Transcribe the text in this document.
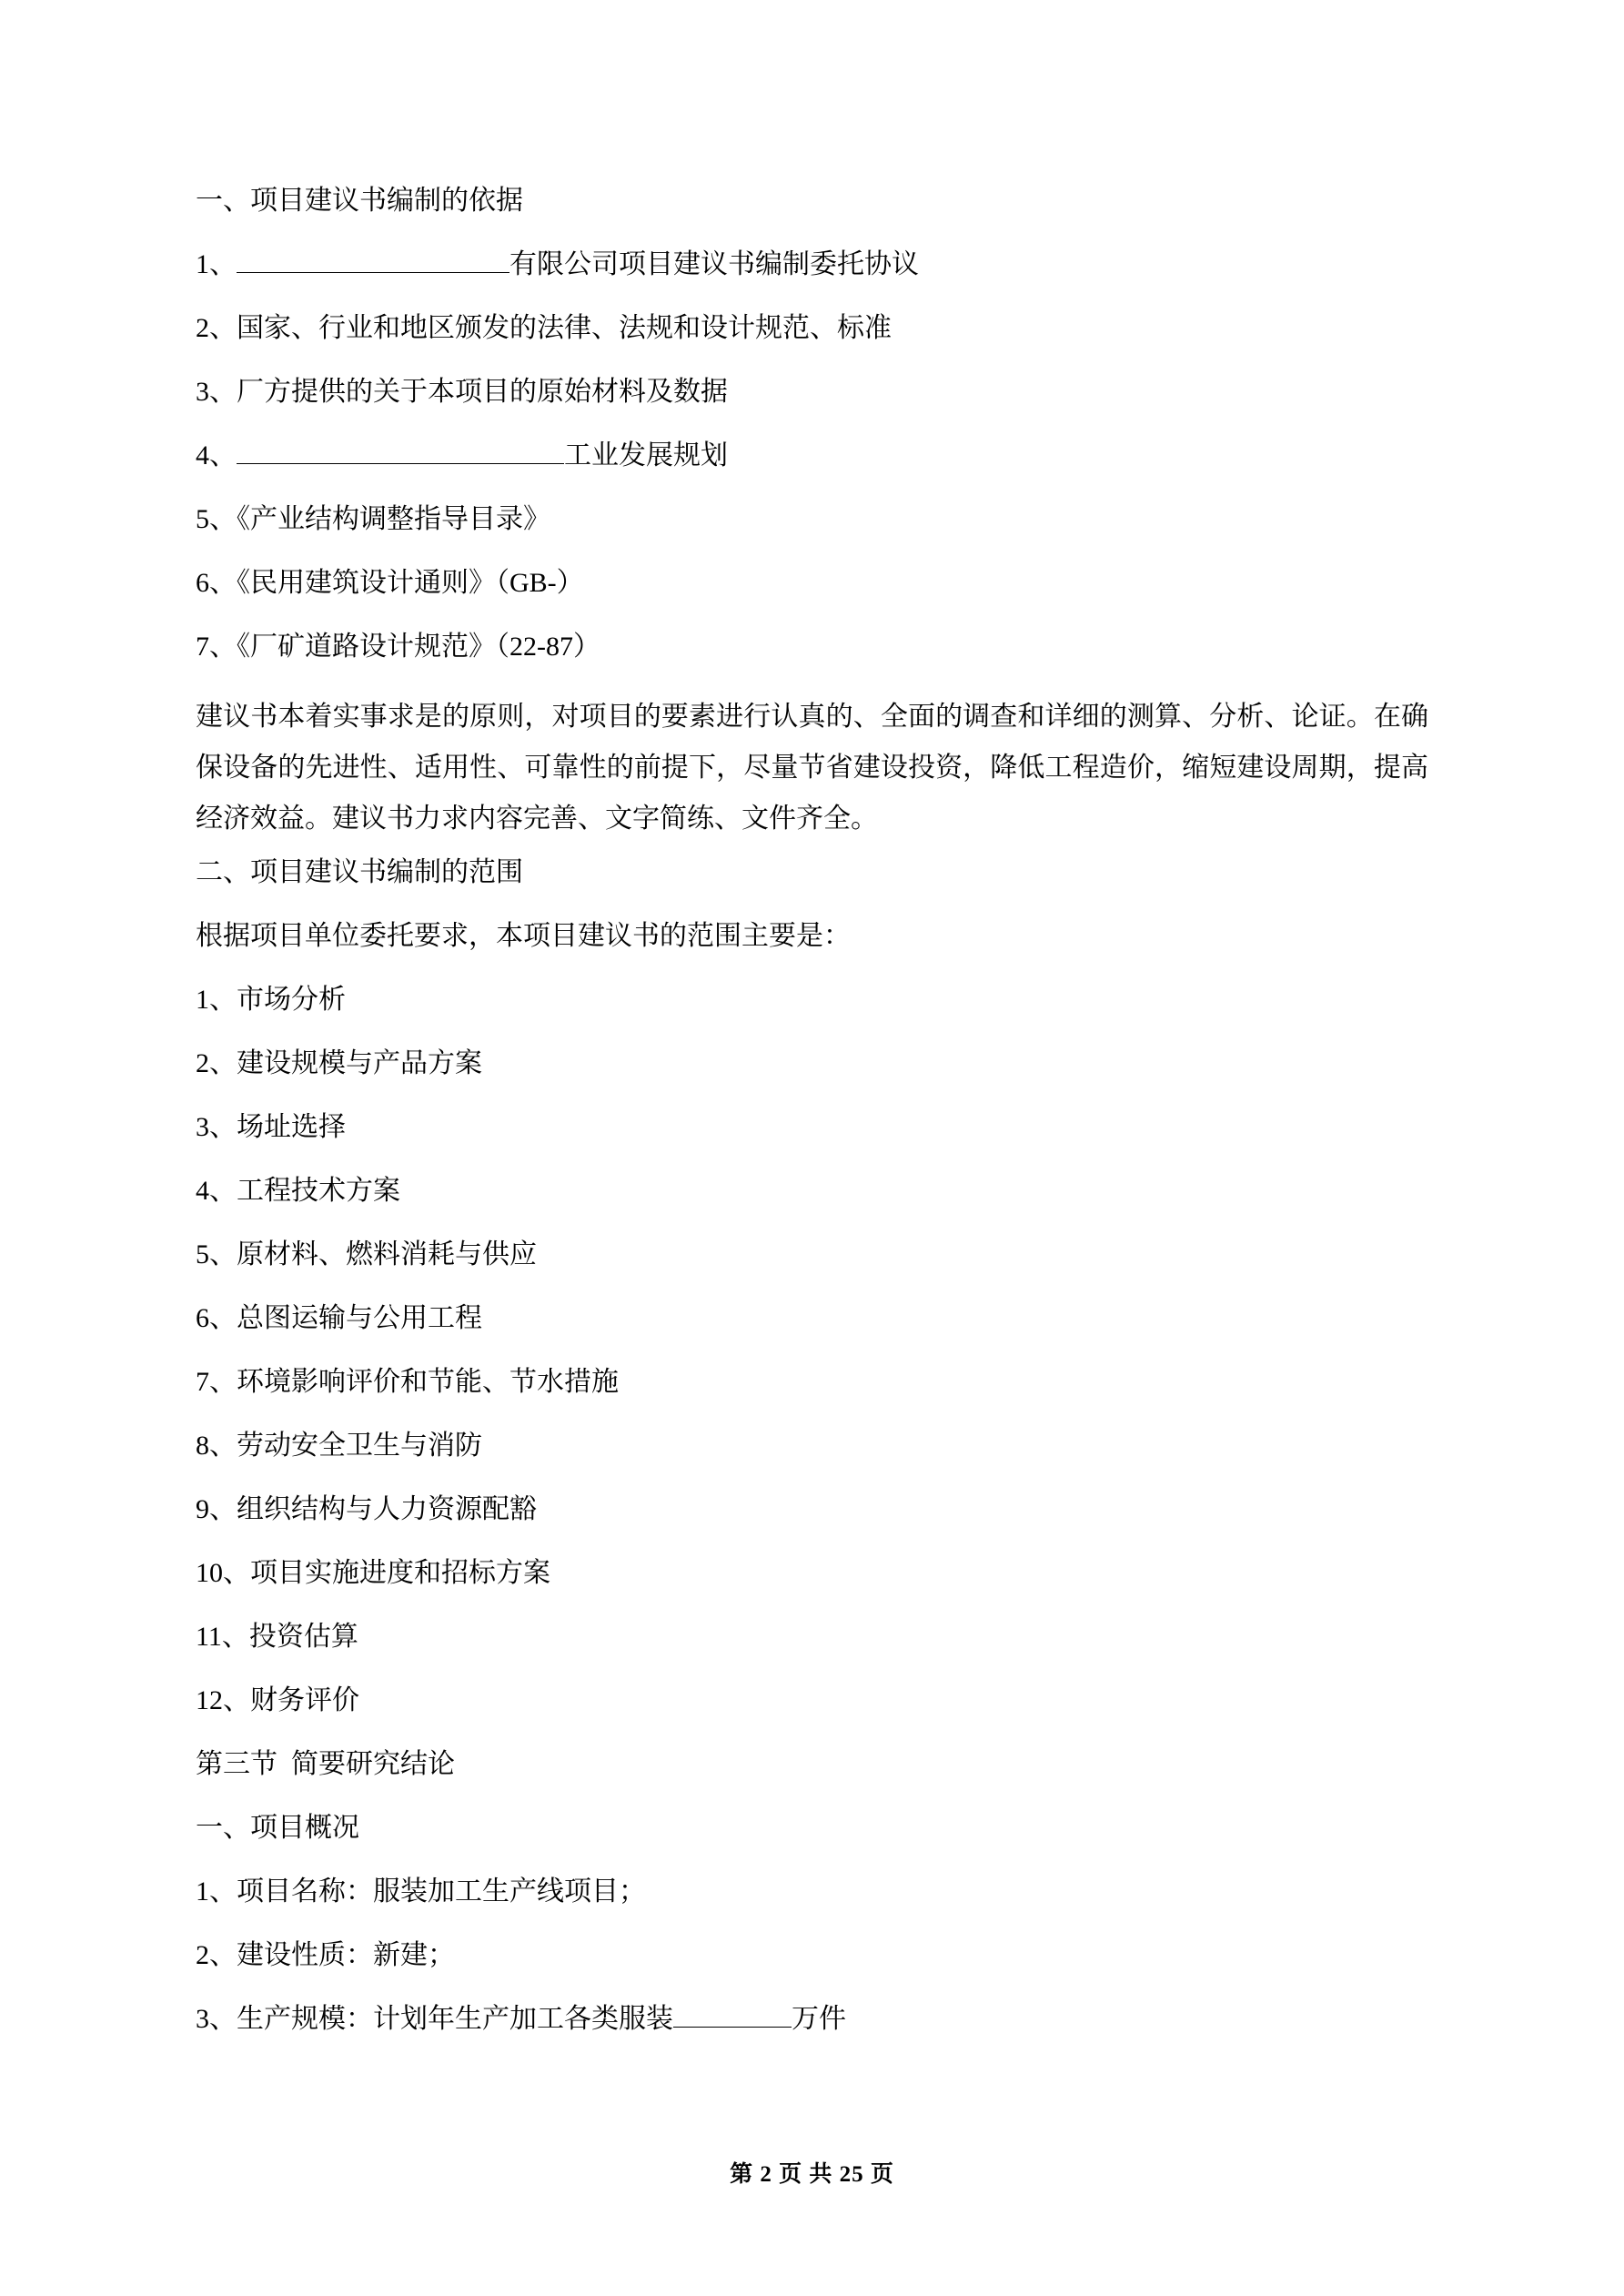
一、项目建议书编制的依据

1、	有限公司项目建议书编制委托协议

2、国家、行业和地区颁发的法律、法规和设计规范、标准

3、厂方提供的关于本项目的原始材料及数据

4、	工业发展规划

5、《产业结构调整指导目录》

6、《民用建筑设计通则》（GB-）

7、《厂矿道路设计规范》（22-87）

建议书本着实事求是的原则，对项目的要素进行认真的、全面的调查和详细的测算、分析、论证。在确保设备的先进性、适用性、可靠性的前提下，尽量节省建设投资，降低工程造价，缩短建设周期，提高经济效益。建议书力求内容完善、文字简练、文件齐全。

二、项目建议书编制的范围

根据项目单位委托要求，本项目建议书的范围主要是：

1、市场分析

2、建设规模与产品方案

3、场址选择

4、工程技术方案

5、原材料、燃料消耗与供应

6、总图运输与公用工程

7、环境影响评价和节能、节水措施

8、劳动安全卫生与消防

9、组织结构与人力资源配豁

10、项目实施进度和招标方案

11、投资估算

12、财务评价

第三节  简要研究结论

一、项目概况

1、项目名称：服装加工生产线项目；

2、建设性质：新建；

3、生产规模：计划年生产加工各类服装	万件

第 2 页 共 25 页
